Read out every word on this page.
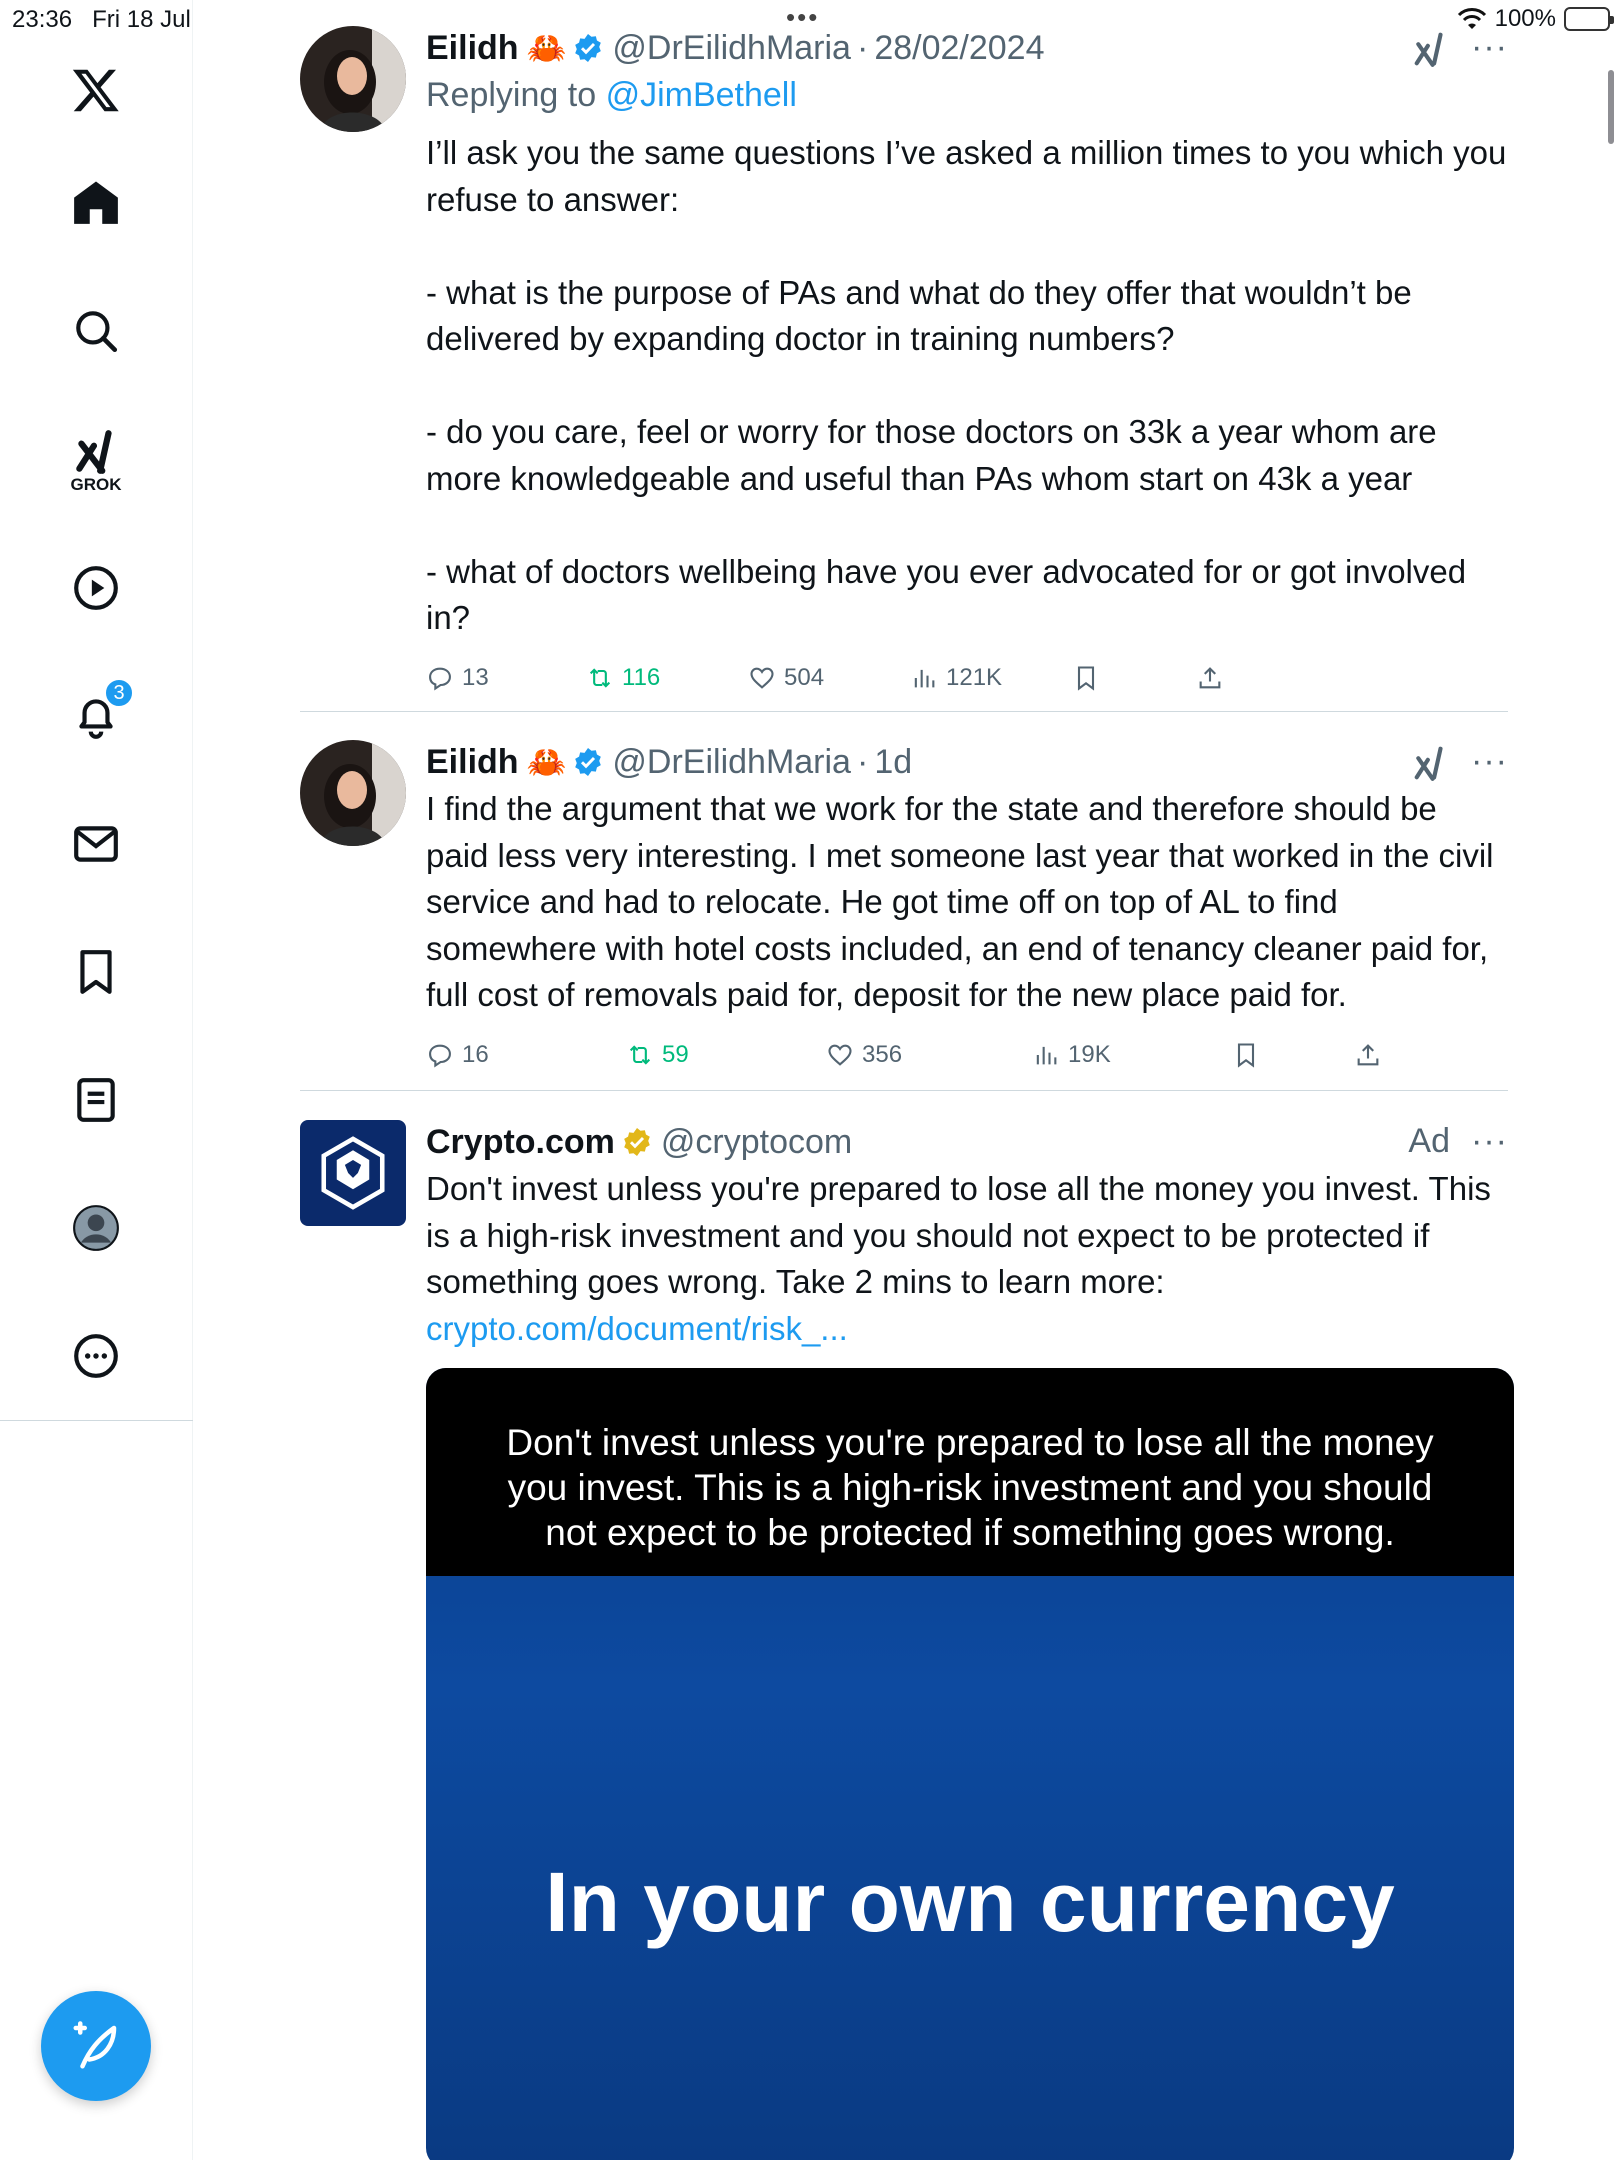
23:36 Fri 18 Jul	•••	100%
GROK
3
Eilidh 🦀 @DrEilidhMaria · 28/02/2024	···
Replying to @JimBethell
I’ll ask you the same questions I’ve asked a million times to you which you refuse to answer:

- what is the purpose of PAs and what do they offer that wouldn’t be delivered by expanding doctor in training numbers?

- do you care, feel or worry for those doctors on 33k a year whom are more knowledgeable and useful than PAs whom start on 43k a year

- what of doctors wellbeing have you ever advocated for or got involved in?
13	116	504	121K
Eilidh 🦀 @DrEilidhMaria · 1d	···
I find the argument that we work for the state and therefore should be paid less very interesting. I met someone last year that worked in the civil service and had to relocate. He got time off on top of AL to find somewhere with hotel costs included, an end of tenancy cleaner paid for, full cost of removals paid for, deposit for the new place paid for.
16	59	356	19K
Crypto.com @cryptocom	Ad ···
Don't invest unless you're prepared to lose all the money you invest. This is a high-risk investment and you should not expect to be protected if something goes wrong. Take 2 mins to learn more:
crypto.com/document/risk_...
Don't invest unless you're prepared to lose all the money you invest. This is a high-risk investment and you should not expect to be protected if something goes wrong.
In your own currency
